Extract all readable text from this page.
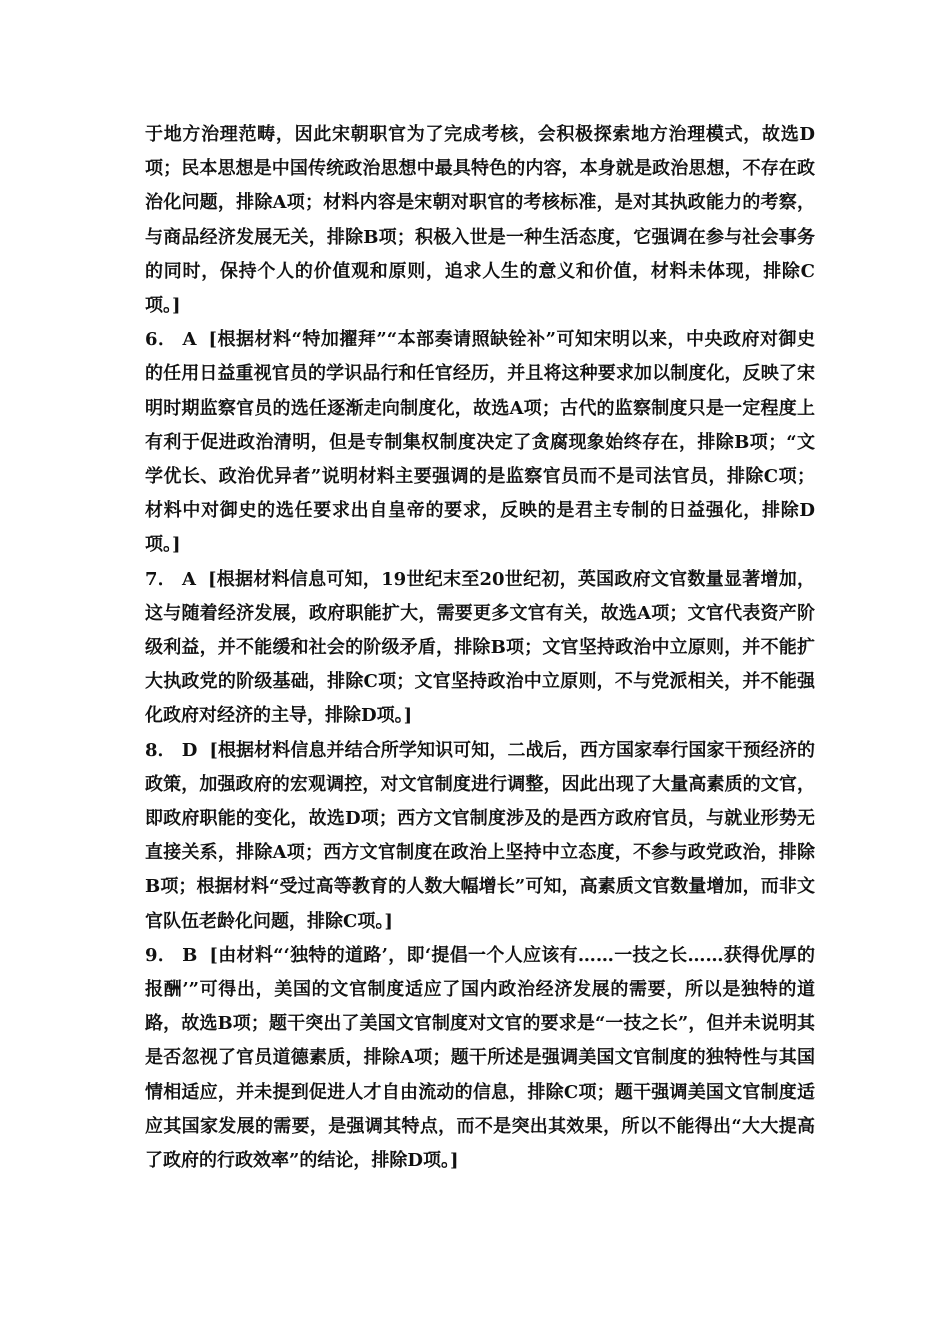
于地方治理范畴，因此宋朝职官为了完成考核，会积极探索地方治理模式，故选D项；民本思想是中国传统政治思想中最具特色的内容，本身就是政治思想，不存在政治化问题，排除A项；材料内容是宋朝对职官的考核标准，是对其执政能力的考察，与商品经济发展无关，排除B项；积极入世是一种生活态度，它强调在参与社会事务的同时，保持个人的价值观和原则，追求人生的意义和价值，材料未体现，排除C项。]

6． A [根据材料“特加擢拜”“本部奏请照缺铨补”可知宋明以来，中央政府对御史的任用日益重视官员的学识品行和任官经历，并且将这种要求加以制度化，反映了宋明时期监察官员的选任逐渐走向制度化，故选A项；古代的监察制度只是一定程度上有利于促进政治清明，但是专制集权制度决定了贪腐现象始终存在，排除B项；“文学优长、政治优异者”说明材料主要强调的是监察官员而不是司法官员，排除C项；材料中对御史的选任要求出自皇帝的要求，反映的是君主专制的日益强化，排除D项。]

7． A [根据材料信息可知，19世纪末至20世纪初，英国政府文官数量显著增加，这与随着经济发展，政府职能扩大，需要更多文官有关，故选A项；文官代表资产阶级利益，并不能缓和社会的阶级矛盾，排除B项；文官坚持政治中立原则，并不能扩大执政党的阶级基础，排除C项；文官坚持政治中立原则，不与党派相关，并不能强化政府对经济的主导，排除D项。]

8． D [根据材料信息并结合所学知识可知，二战后，西方国家奉行国家干预经济的政策，加强政府的宏观调控，对文官制度进行调整，因此出现了大量高素质的文官，即政府职能的变化，故选D项；西方文官制度涉及的是西方政府官员，与就业形势无直接关系，排除A项；西方文官制度在政治上坚持中立态度，不参与政党政治，排除B项；根据材料“受过高等教育的人数大幅增长”可知，高素质文官数量增加，而非文官队伍老龄化问题，排除C项。]

9． B [由材料“‘独特的道路’，即‘提倡一个人应该有……一技之长……获得优厚的报酬’”可得出，美国的文官制度适应了国内政治经济发展的需要，所以是独特的道路，故选B项；题干突出了美国文官制度对文官的要求是“一技之长”，但并未说明其是否忽视了官员道德素质，排除A项；题干所述是强调美国文官制度的独特性与其国情相适应，并未提到促进人才自由流动的信息，排除C项；题干强调美国文官制度适应其国家发展的需要，是强调其特点，而不是突出其效果，所以不能得出“大大提高了政府的行政效率”的结论，排除D项。]
